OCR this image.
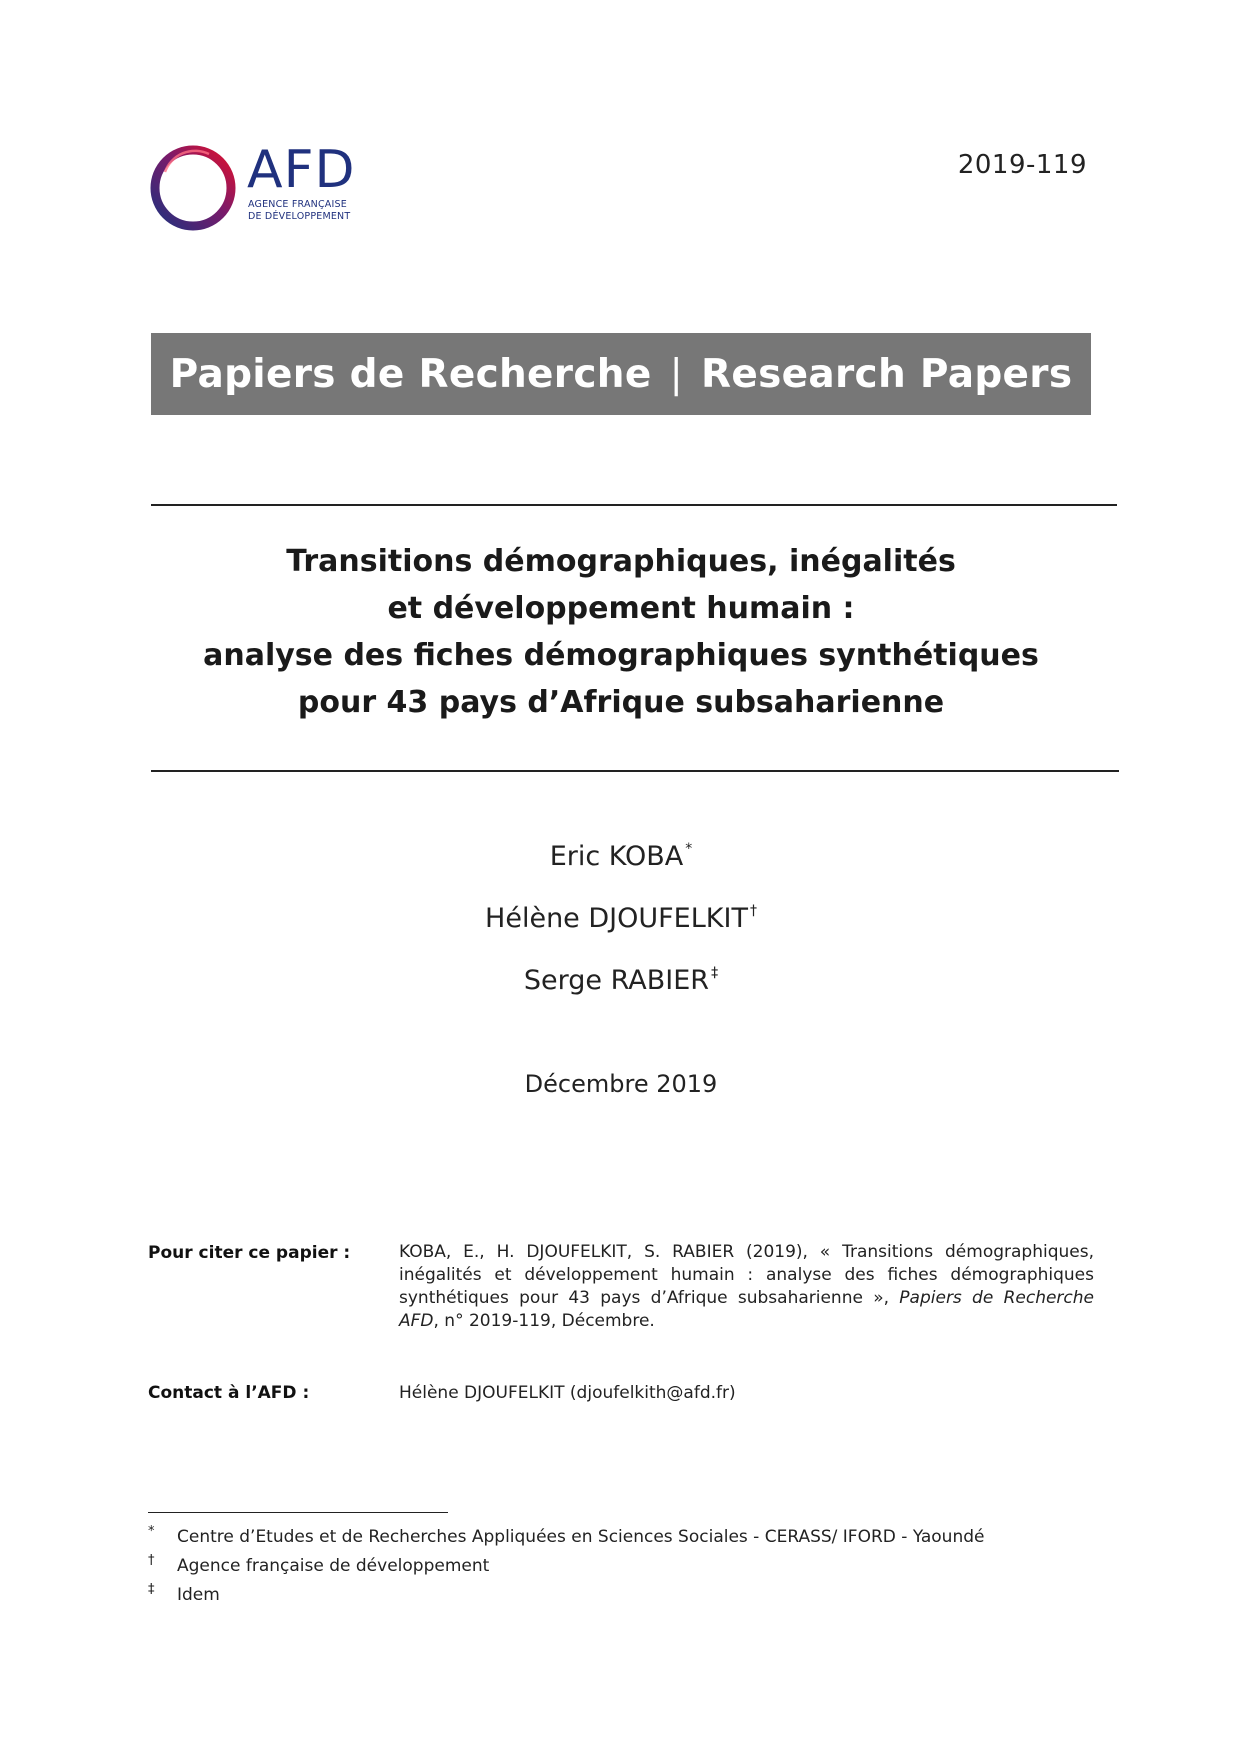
AFD
AGENCE FRANÇAISE
DE DÉVELOPPEMENT
2019-119
Papiers de Recherche | Research Papers
Transitions démographiques, inégalités
et développement humain :
analyse des fiches démographiques synthétiques
pour 43 pays d’Afrique subsaharienne
Eric KOBA *
Hélène DJOUFELKIT †
Serge RABIER ‡
Décembre 2019
Pour citer ce papier :	KOBA, E., H. DJOUFELKIT, S. RABIER (2019), « Transitions démographiques, inégalités et développement humain : analyse des fiches démographiques synthétiques pour 43 pays d’Afrique subsaharienne », Papiers de Recherche AFD, n° 2019-119, Décembre.
Contact à l’AFD :	Hélène DJOUFELKIT (djoufelkith@afd.fr)
* Centre d’Etudes et de Recherches Appliquées en Sciences Sociales - CERASS/ IFORD - Yaoundé
† Agence française de développement
‡ Idem
